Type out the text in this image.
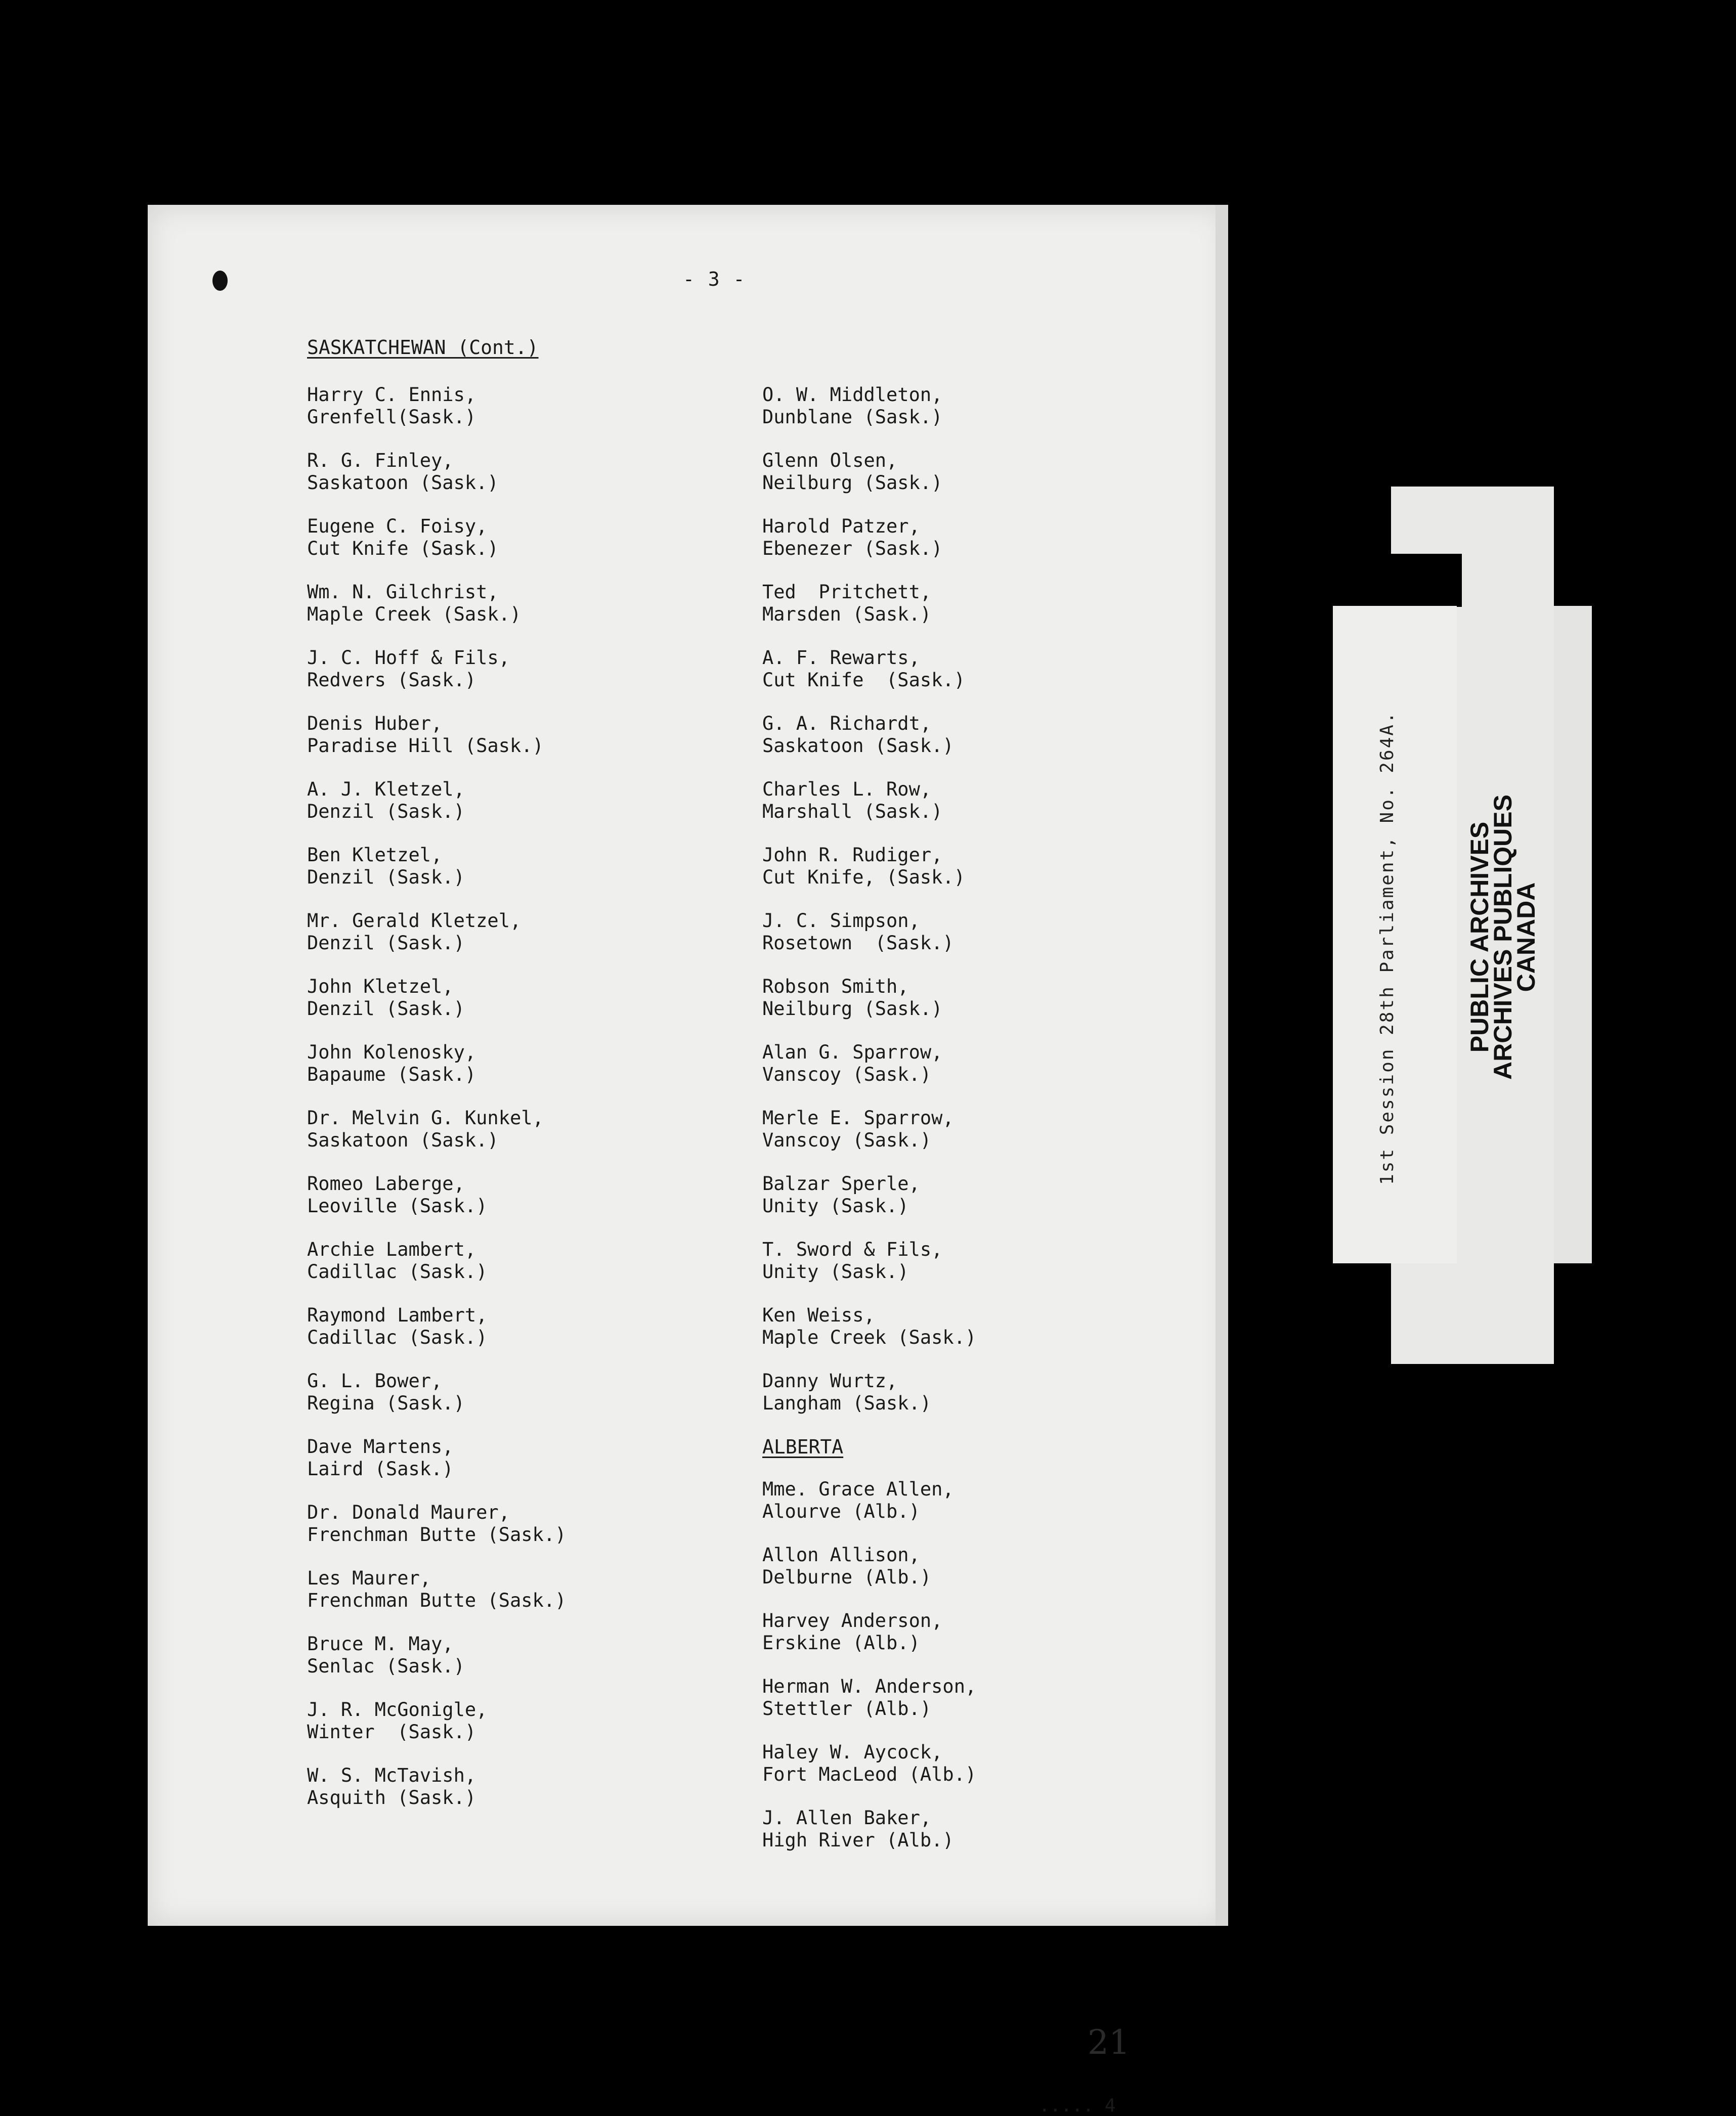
- 3 -
SASKATCHEWAN (Cont.)
Harry C. Ennis,
Grenfell(Sask.)
R. G. Finley,
Saskatoon (Sask.)
Eugene C. Foisy,
Cut Knife (Sask.)
Wm. N. Gilchrist,
Maple Creek (Sask.)
J. C. Hoff & Fils,
Redvers (Sask.)
Denis Huber,
Paradise Hill (Sask.)
A. J. Kletzel,
Denzil (Sask.)
Ben Kletzel,
Denzil (Sask.)
Mr. Gerald Kletzel,
Denzil (Sask.)
John Kletzel,
Denzil (Sask.)
John Kolenosky,
Bapaume (Sask.)
Dr. Melvin G. Kunkel,
Saskatoon (Sask.)
Romeo Laberge,
Leoville (Sask.)
Archie Lambert,
Cadillac (Sask.)
Raymond Lambert,
Cadillac (Sask.)
G. L. Bower,
Regina (Sask.)
Dave Martens,
Laird (Sask.)
Dr. Donald Maurer,
Frenchman Butte (Sask.)
Les Maurer,
Frenchman Butte (Sask.)
Bruce M. May,
Senlac (Sask.)
J. R. McGonigle,
Winter  (Sask.)
W. S. McTavish,
Asquith (Sask.)
O. W. Middleton,
Dunblane (Sask.)
Glenn Olsen,
Neilburg (Sask.)
Harold Patzer,
Ebenezer (Sask.)
Ted  Pritchett,
Marsden (Sask.)
A. F. Rewarts,
Cut Knife  (Sask.)
G. A. Richardt,
Saskatoon (Sask.)
Charles L. Row,
Marshall (Sask.)
John R. Rudiger,
Cut Knife, (Sask.)
J. C. Simpson,
Rosetown  (Sask.)
Robson Smith,
Neilburg (Sask.)
Alan G. Sparrow,
Vanscoy (Sask.)
Merle E. Sparrow,
Vanscoy (Sask.)
Balzar Sperle,
Unity (Sask.)
T. Sword & Fils,
Unity (Sask.)
Ken Weiss,
Maple Creek (Sask.)
Danny Wurtz,
Langham (Sask.)
ALBERTA
Mme. Grace Allen,
Alourve (Alb.)
Allon Allison,
Delburne (Alb.)
Harvey Anderson,
Erskine (Alb.)
Herman W. Anderson,
Stettler (Alb.)
Haley W. Aycock,
Fort MacLeod (Alb.)
J. Allen Baker,
High River (Alb.)
21 22
..... 4
1st Session 28th Parliament, No. 264A.	PUBLIC ARCHIVES
ARCHIVES PUBLIQUES
CANADA
